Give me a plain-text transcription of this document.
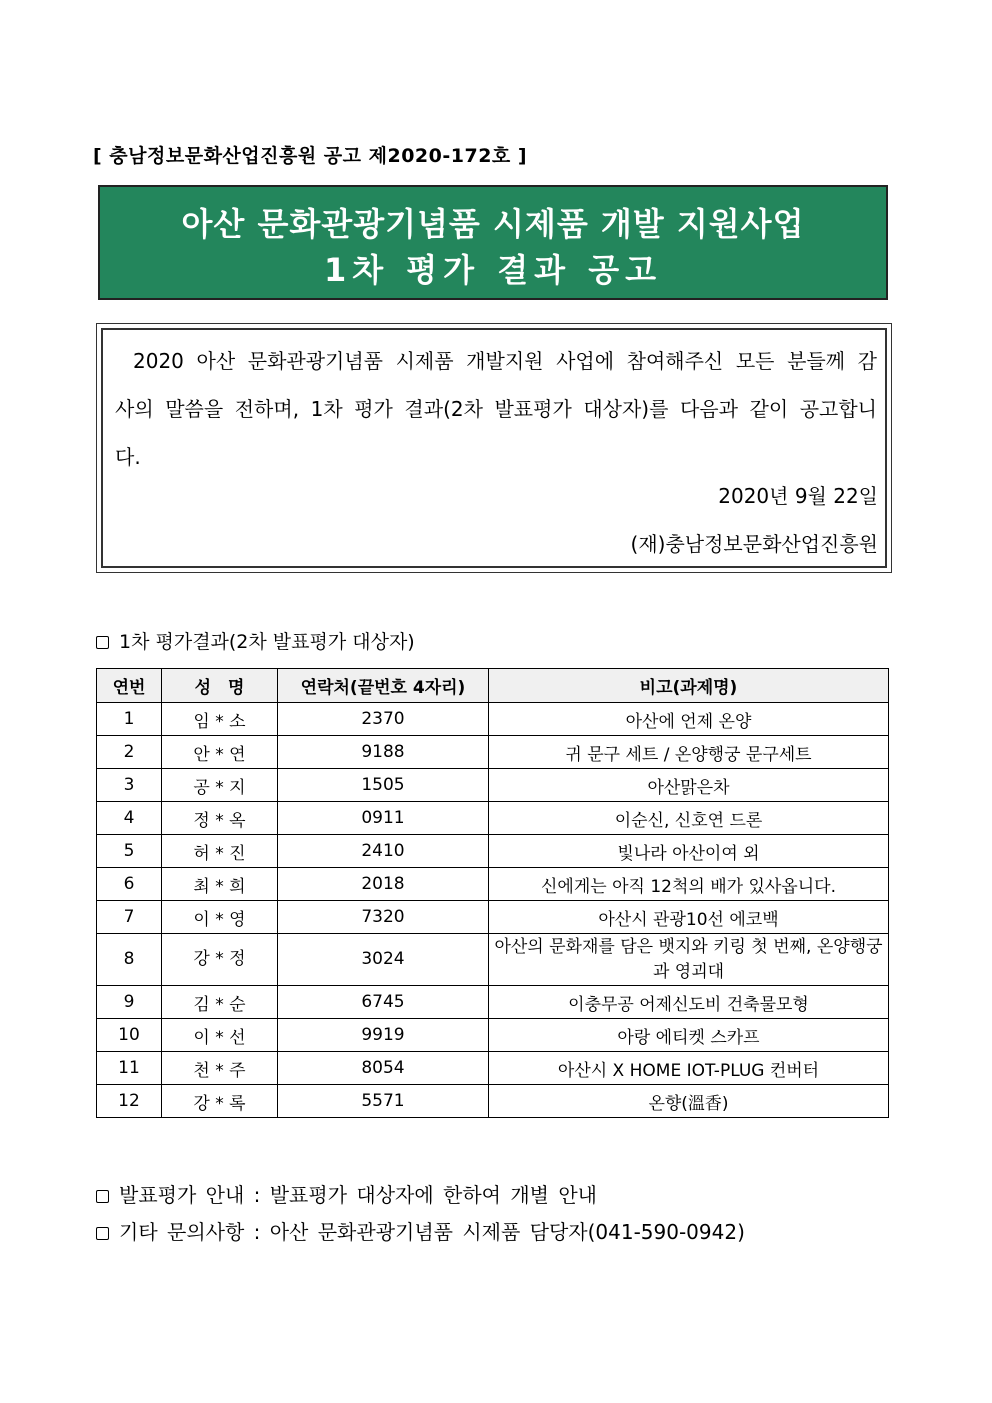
[ 충남정보문화산업진흥원 공고 제2020-172호 ]
아산 문화관광기념품 시제품 개발 지원사업
1차 평가 결과 공고
2020 아산 문화관광기념품 시제품 개발지원 사업에 참여해주신 모든 분들께 감사의 말씀을 전하며, 1차 평가 결과(2차 발표평가 대상자)를 다음과 같이 공고합니다.
2020년 9월 22일
(재)충남정보문화산업진흥원
1차 평가결과(2차 발표평가 대상자)
연번	성　명	연락처(끝번호 4자리)	비고(과제명)
1	임 * 소	2370	아산에 언제 온양
2	안 * 연	9188	귀 문구 세트 / 온양행궁 문구세트
3	공 * 지	1505	아산맑은차
4	정 * 옥	0911	이순신, 신호연 드론
5	허 * 진	2410	빛나라 아산이여 외
6	최 * 희	2018	신에게는 아직 12척의 배가 있사옵니다.
7	이 * 영	7320	아산시 관광10선 에코백
8	강 * 정	3024	아산의 문화재를 담은 뱃지와 키링 첫 번째, 온양행궁과 영괴대
9	김 * 순	6745	이충무공 어제신도비 건축물모형
10	이 * 선	9919	아랑 에티켓 스카프
11	천 * 주	8054	아산시 X HOME IOT-PLUG 컨버터
12	강 * 록	5571	온향(溫香)
발표평가 안내 : 발표평가 대상자에 한하여 개별 안내
기타 문의사항 : 아산 문화관광기념품 시제품 담당자(041-590-0942)
